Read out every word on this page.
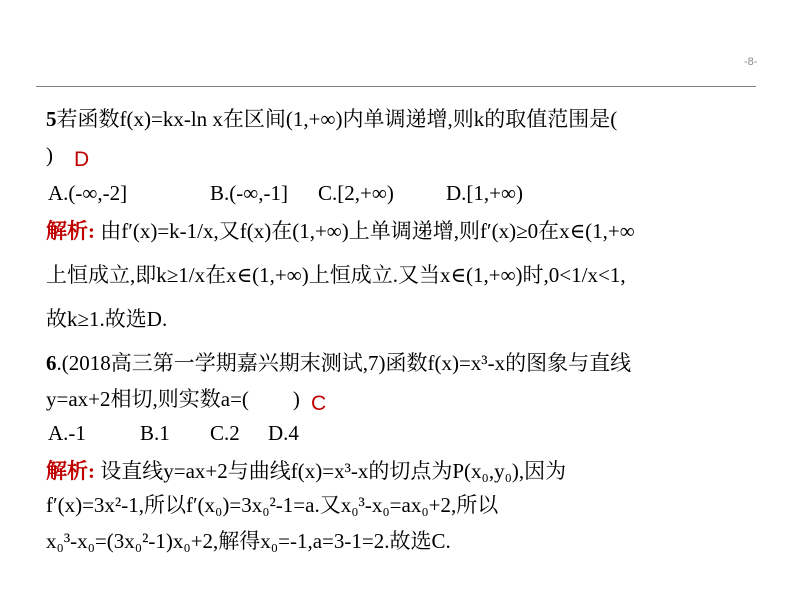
-8-
5若函数f(x)=kx-ln x在区间(1,+∞)内单调递增,则k的取值范围是(
) D
A.(-∞,-2]	B.(-∞,-1] C.[2,+∞) D.[1,+∞)
解析: 由f′(x)=k-1/x,又f(x)在(1,+∞)上单调递增,则f′(x)≥0在x∈(1,+∞
上恒成立,即k≥1/x在x∈(1,+∞)上恒成立.又当x∈(1,+∞)时,0<1/x<1,
故k≥1.故选D.
6.(2018高三第一学期嘉兴期末测试,7)函数f(x)=x³-x的图象与直线
y=ax+2相切,则实数a=( ) C
A.-1	B.1 C.2 D.4
解析: 设直线y=ax+2与曲线f(x)=x³-x的切点为P(x₀,y₀),因为
f′(x)=3x²-1,所以f′(x₀)=3x₀²-1=a.又x₀³-x₀=ax₀+2,所以
x₀³-x₀=(3x₀²-1)x₀+2,解得x₀=-1,a=3-1=2.故选C.
